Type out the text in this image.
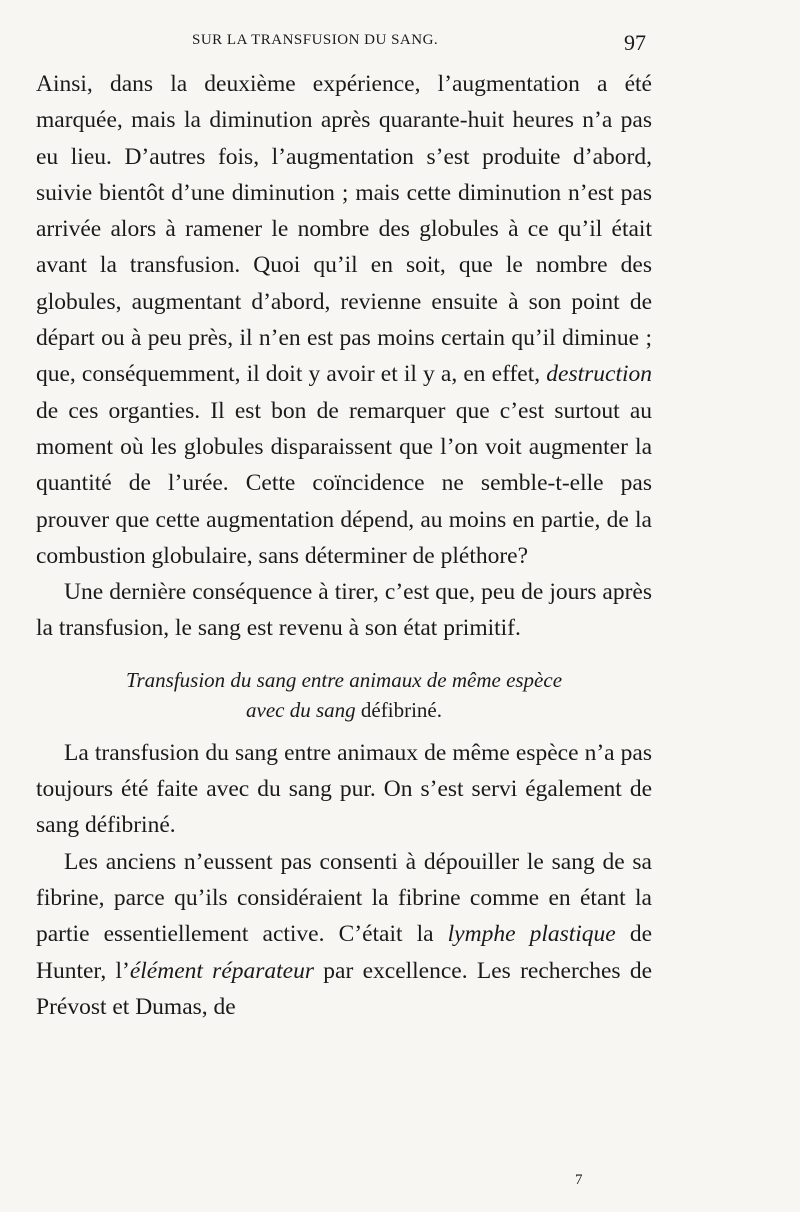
SUR LA TRANSFUSION DU SANG.	97

Ainsi, dans la deuxième expérience, l’augmentation a été marquée, mais la diminution après quarante-huit heures n’a pas eu lieu. D’autres fois, l’augmentation s’est produite d’abord, suivie bientôt d’une diminution ; mais cette diminution n’est pas arrivée alors à ramener le nombre des globules à ce qu’il était avant la transfusion. Quoi qu’il en soit, que le nombre des globules, augmentant d’abord, revienne ensuite à son point de départ ou à peu près, il n’en est pas moins certain qu’il diminue ; que, conséquemment, il doit y avoir et il y a, en effet, destruction de ces organties. Il est bon de remarquer que c’est surtout au moment où les globules disparaissent que l’on voit augmenter la quantité de l’urée. Cette coïncidence ne semble-t-elle pas prouver que cette augmentation dépend, au moins en partie, de la combustion globulaire, sans déterminer de pléthore?

Une dernière conséquence à tirer, c’est que, peu de jours après la transfusion, le sang est revenu à son état primitif.

Transfusion du sang entre animaux de même espèce
avec du sang défibriné.

La transfusion du sang entre animaux de même espèce n’a pas toujours été faite avec du sang pur. On s’est servi également de sang défibriné.

Les anciens n’eussent pas consenti à dépouiller le sang de sa fibrine, parce qu’ils considéraient la fibrine comme en étant la partie essentiellement active. C’était la lymphe plastique de Hunter, l’élément réparateur par excellence. Les recherches de Prévost et Dumas, de

7
